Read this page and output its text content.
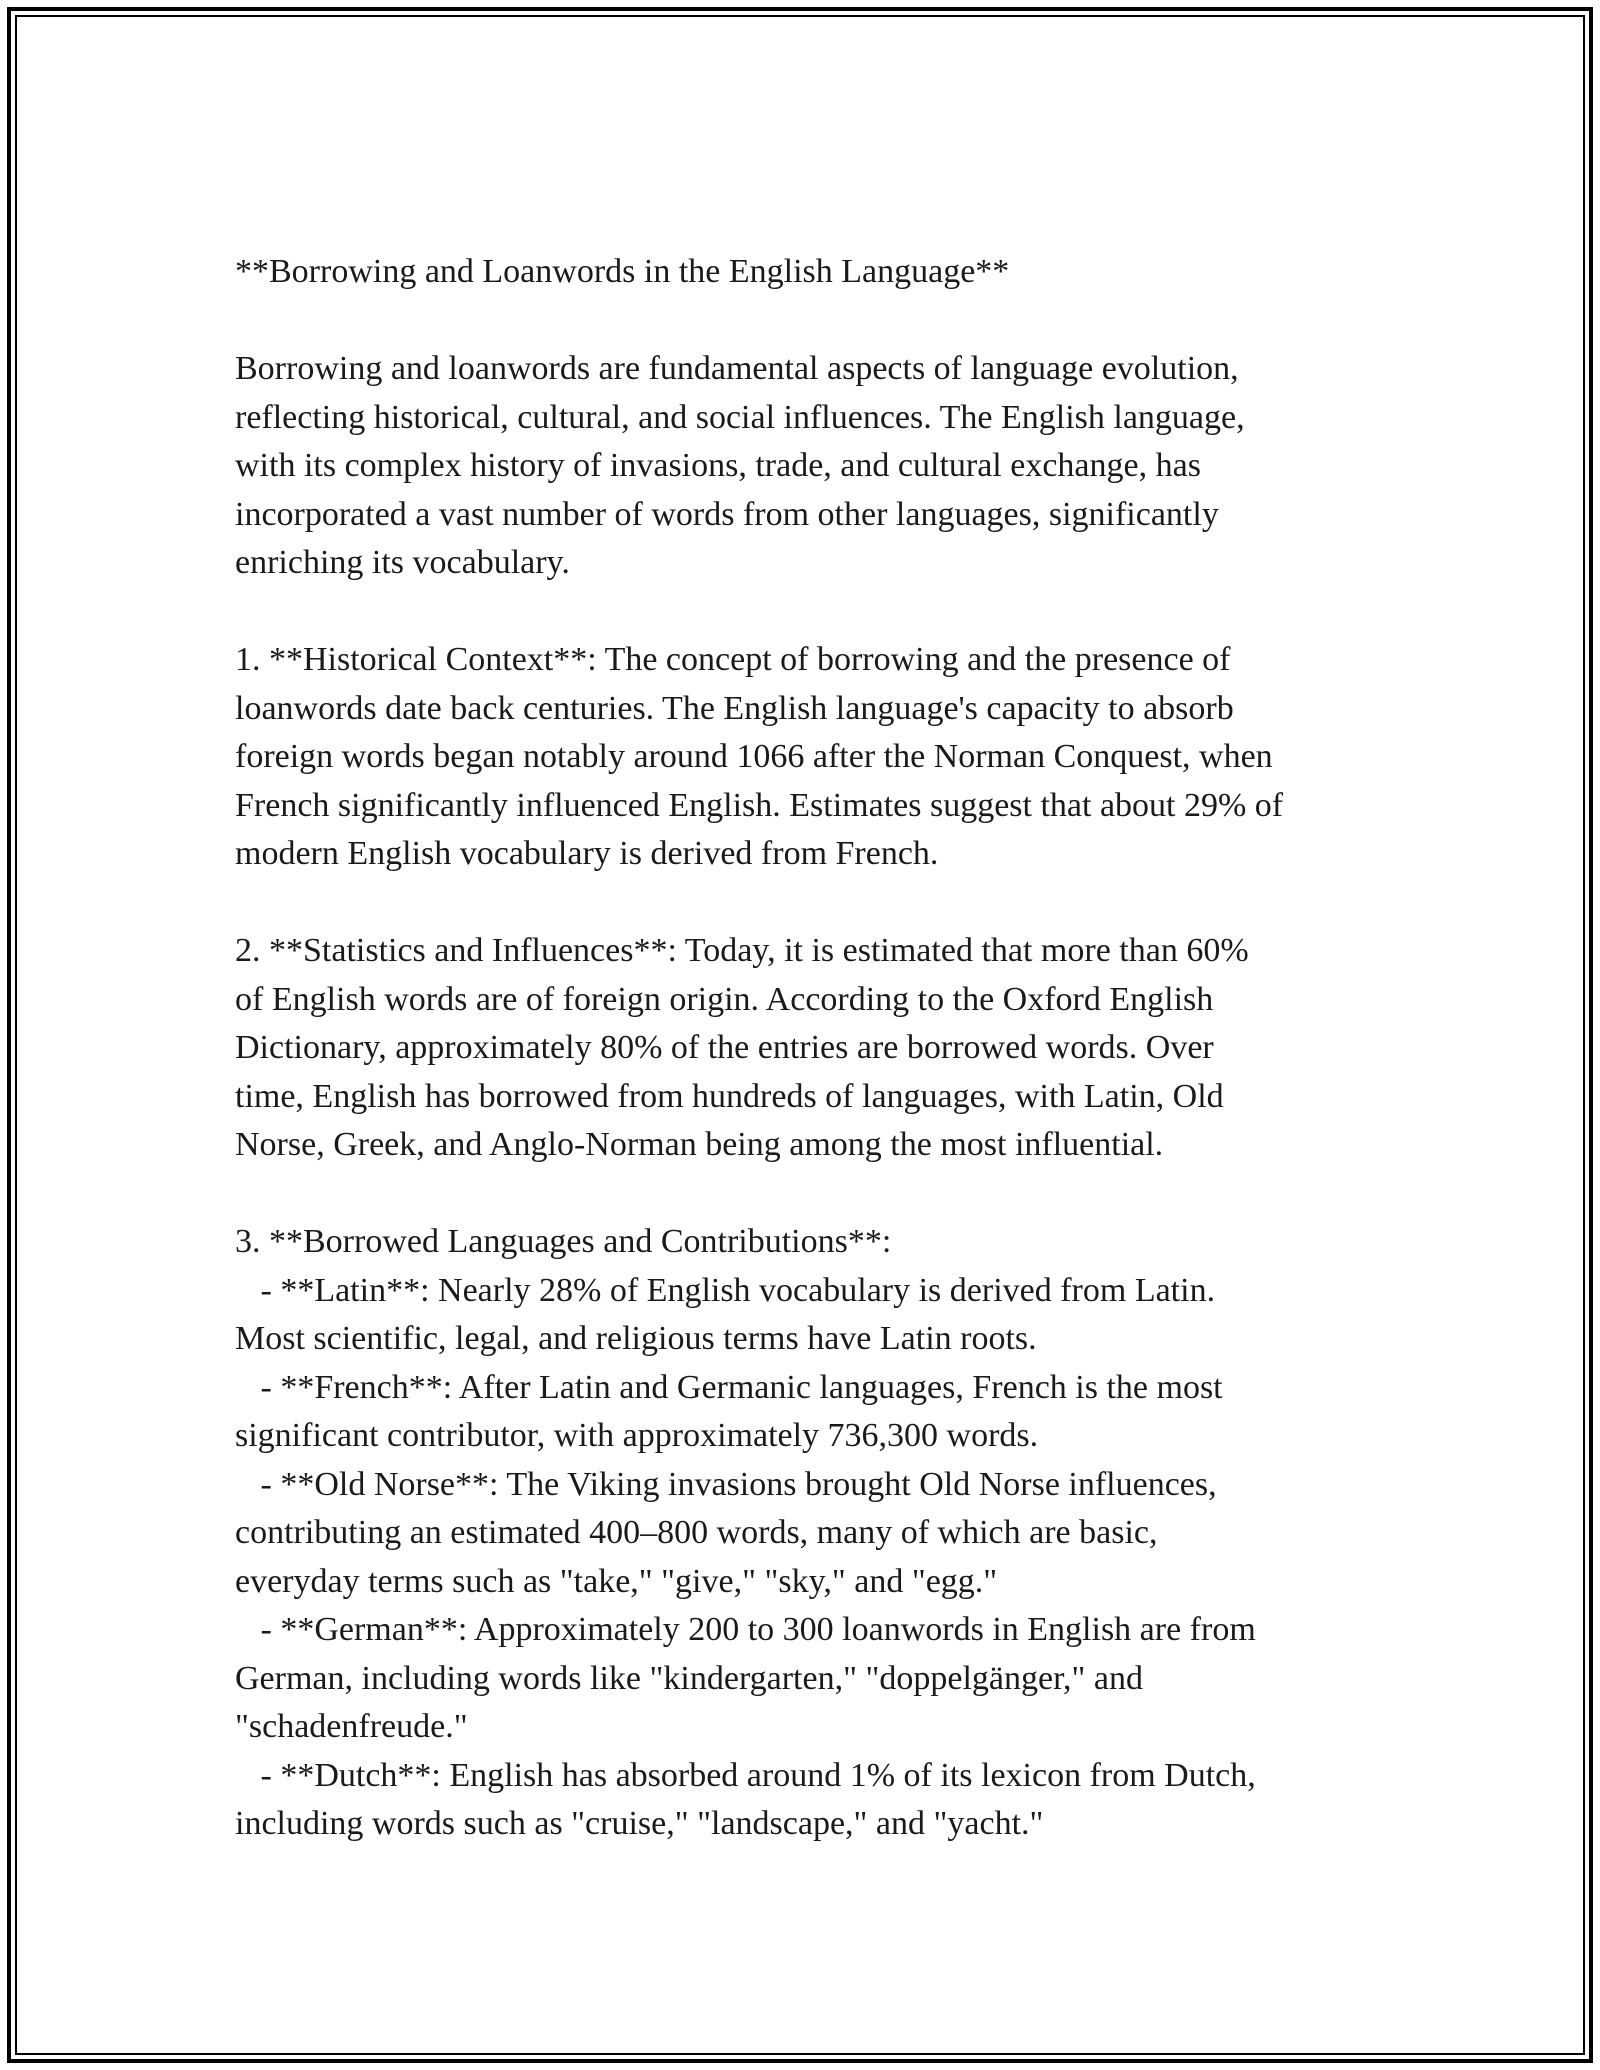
**Borrowing and Loanwords in the English Language**

Borrowing and loanwords are fundamental aspects of language evolution,
reflecting historical, cultural, and social influences. The English language,
with its complex history of invasions, trade, and cultural exchange, has
incorporated a vast number of words from other languages, significantly
enriching its vocabulary.

1. **Historical Context**: The concept of borrowing and the presence of
loanwords date back centuries. The English language's capacity to absorb
foreign words began notably around 1066 after the Norman Conquest, when
French significantly influenced English. Estimates suggest that about 29% of
modern English vocabulary is derived from French.

2. **Statistics and Influences**: Today, it is estimated that more than 60%
of English words are of foreign origin. According to the Oxford English
Dictionary, approximately 80% of the entries are borrowed words. Over
time, English has borrowed from hundreds of languages, with Latin, Old
Norse, Greek, and Anglo-Norman being among the most influential.

3. **Borrowed Languages and Contributions**:

- **Latin**: Nearly 28% of English vocabulary is derived from Latin.
Most scientific, legal, and religious terms have Latin roots.

- **French**: After Latin and Germanic languages, French is the most
significant contributor, with approximately 736,300 words.

- **Old Norse**: The Viking invasions brought Old Norse influences,
contributing an estimated 400–800 words, many of which are basic,
everyday terms such as "take," "give," "sky," and "egg."

- **German**: Approximately 200 to 300 loanwords in English are from
German, including words like "kindergarten," "doppelgänger," and
"schadenfreude."

- **Dutch**: English has absorbed around 1% of its lexicon from Dutch,
including words such as "cruise," "landscape," and "yacht."
